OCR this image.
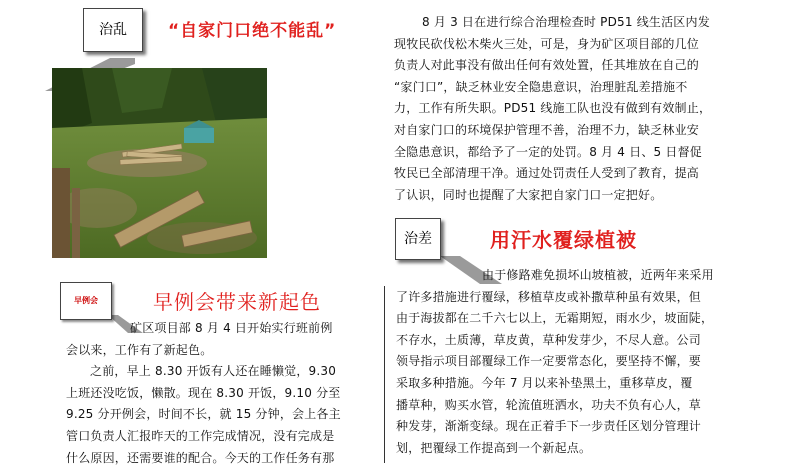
治乱	“自家门口绝不能乱”	8 月 3 日在进行综合治理检查时 PD51 线生活区内发
现牧民砍伐松木柴火三处，可是，身为矿区项目部的几位
负责人对此事没有做出任何有效处置，任其堆放在自己的
“家门口”，缺乏林业安全隐患意识，治理脏乱差措施不
力，工作有所失职。PD51 线施工队也没有做到有效制止，
对自家门口的环境保护管理不善，治理不力，缺乏林业安
全隐患意识，都给予了一定的处罚。8 月 4 日、5 日督促
牧民已全部清理干净。通过处罚责任人受到了教育，提高
了认识，同时也提醒了大家把自家门口一定把好。
治差	用汗水覆绿植被
由于修路难免损坏山坡植被，近两年来采用
了许多措施进行覆绿，移植草皮或补撒草种虽有效果，但
由于海拔都在二千六七以上，无霜期短，雨水少，坡面陡，
不存水，土质薄，草皮黄，草种发芽少，不尽人意。公司
领导指示项目部覆绿工作一定要常态化，要坚持不懈，要
采取多种措施。今年 7 月以来补垫黑土，重移草皮，覆
播草种，购买水管，轮流值班洒水，功夫不负有心人，草
种发芽，渐渐变绿。现在正着手下一步责任区划分管理计
划，把覆绿工作提高到一个新起点。
早例会	早例会带来新起色
矿区项目部 8 月 4 日开始实行班前例
会以来，工作有了新起色。
之前，早上 8.30 开饭有人还在睡懒觉，9.30
上班还没吃饭，懒散。现在 8.30 开饭，9.10 分至
9.25 分开例会，时间不长，就 15 分钟，会上各主
管口负责人汇报昨天的工作完成情况，没有完成是
什么原因，还需要谁的配合。今天的工作任务有那
